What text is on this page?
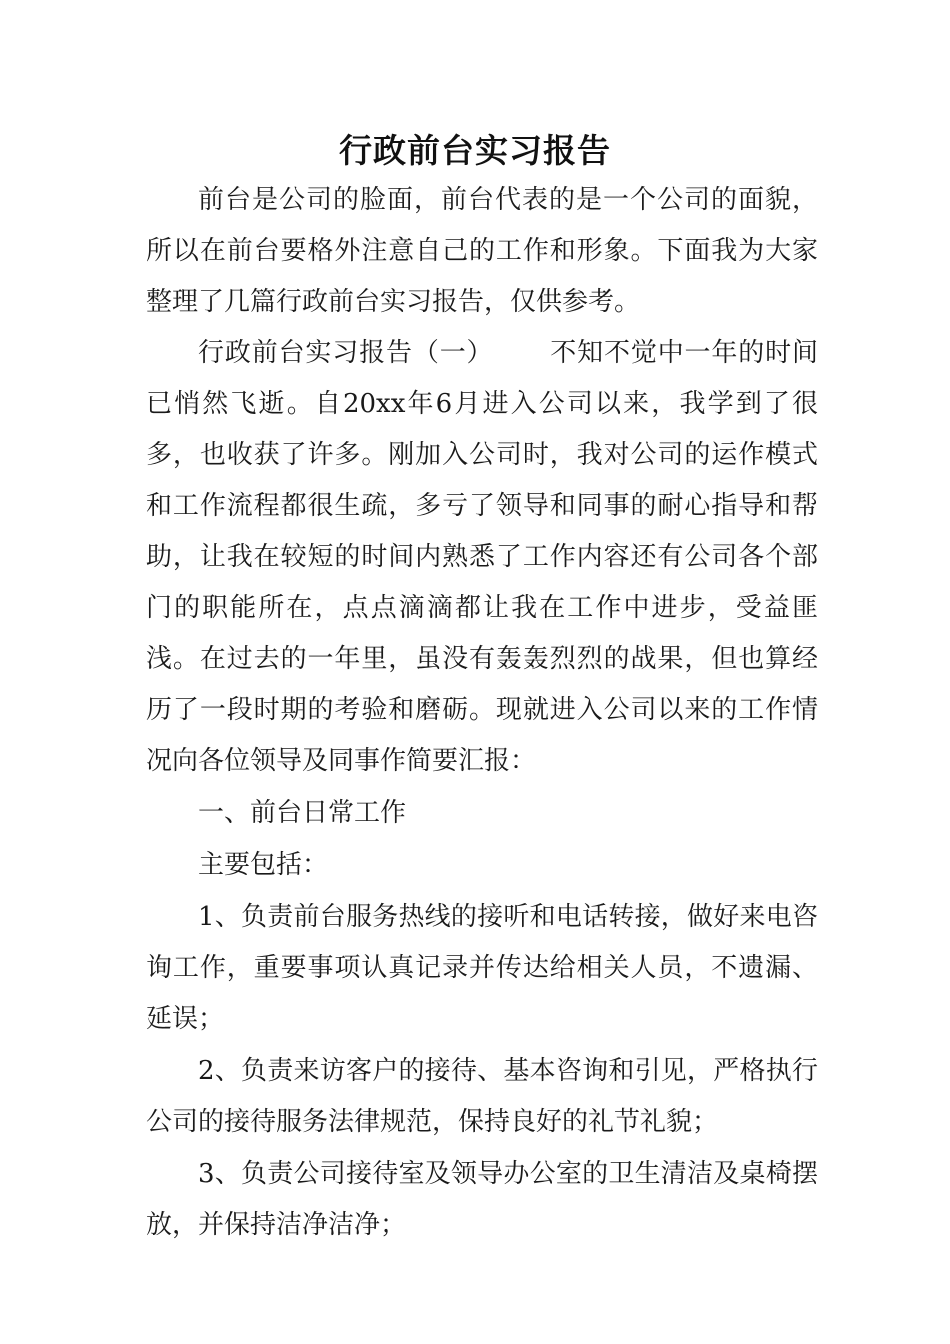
行政前台实习报告

前台是公司的脸面，前台代表的是一个公司的面貌，所以在前台要格外注意自己的工作和形象。下面我为大家整理了几篇行政前台实习报告，仅供参考。

行政前台实习报告（一） 不知不觉中一年的时间已悄然飞逝。自20xx年6月进入公司以来，我学到了很多，也收获了许多。刚加入公司时，我对公司的运作模式和工作流程都很生疏，多亏了领导和同事的耐心指导和帮助，让我在较短的时间内熟悉了工作内容还有公司各个部门的职能所在，点点滴滴都让我在工作中进步，受益匪浅。在过去的一年里，虽没有轰轰烈烈的战果，但也算经历了一段时期的考验和磨砺。现就进入公司以来的工作情况向各位领导及同事作简要汇报：

一、前台日常工作

主要包括：

1、负责前台服务热线的接听和电话转接，做好来电咨询工作，重要事项认真记录并传达给相关人员，不遗漏、延误；

2、负责来访客户的接待、基本咨询和引见，严格执行公司的接待服务法律规范，保持良好的礼节礼貌；

3、负责公司接待室及领导办公室的卫生清洁及桌椅摆放，并保持洁净洁净；
